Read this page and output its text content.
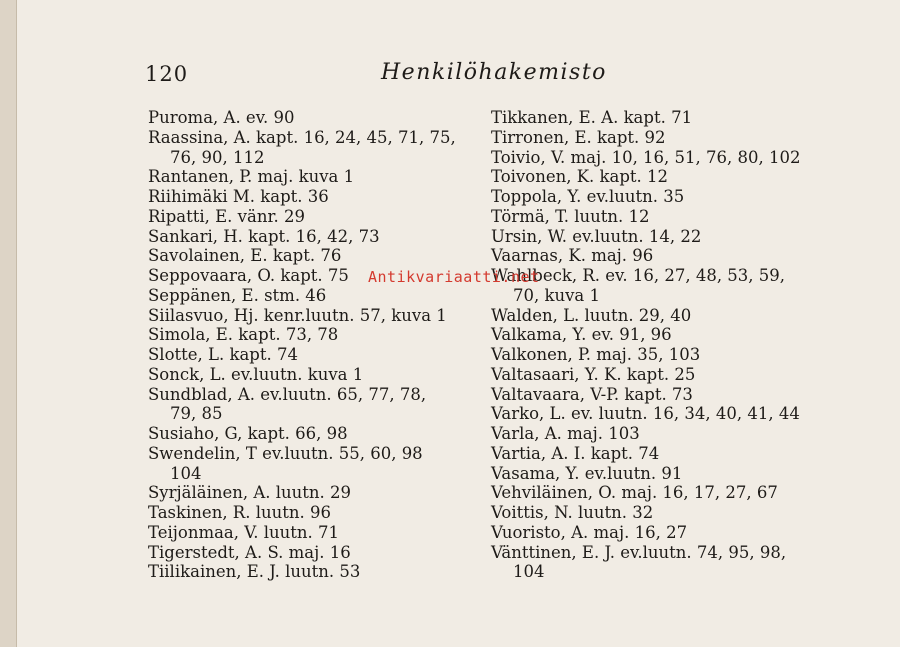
120	Henkilöhakemisto
Puroma, A. ev. 90
Raassina, A. kapt. 16, 24, 45, 71, 75,
76, 90, 112
Rantanen, P. maj. kuva 1
Riihimäki M. kapt. 36
Ripatti, E. vänr. 29
Sankari, H. kapt. 16, 42, 73
Savolainen, E. kapt. 76
Seppovaara, O. kapt. 75
Seppänen, E. stm. 46
Siilasvuo, Hj. kenr.luutn. 57, kuva 1
Simola, E. kapt. 73, 78
Slotte, L. kapt. 74
Sonck, L. ev.luutn. kuva 1
Sundblad, A. ev.luutn. 65, 77, 78,
79, 85
Susiaho, G, kapt. 66, 98
Swendelin, T ev.luutn. 55, 60, 98
104
Syrjäläinen, A. luutn. 29
Taskinen, R. luutn. 96
Teijonmaa, V. luutn. 71
Tigerstedt, A. S. maj. 16
Tiilikainen, E. J. luutn. 53
Tikkanen, E. A. kapt. 71
Tirronen, E. kapt. 92
Toivio, V. maj. 10, 16, 51, 76, 80, 102
Toivonen, K. kapt. 12
Toppola, Y. ev.luutn. 35
Törmä, T. luutn. 12
Ursin, W. ev.luutn. 14, 22
Vaarnas, K. maj. 96
Wahlbeck, R. ev. 16, 27, 48, 53, 59,
70, kuva 1
Walden, L. luutn. 29, 40
Valkama, Y. ev. 91, 96
Valkonen, P. maj. 35, 103
Valtasaari, Y. K. kapt. 25
Valtavaara, V-P. kapt. 73
Varko, L. ev. luutn. 16, 34, 40, 41, 44
Varla, A. maj. 103
Vartia, A. I. kapt. 74
Vasama, Y. ev.luutn. 91
Vehviläinen, O. maj. 16, 17, 27, 67
Voittis, N. luutn. 32
Vuoristo, A. maj. 16, 27
Vänttinen, E. J. ev.luutn. 74, 95, 98,
104
Antikvariaatti.net
